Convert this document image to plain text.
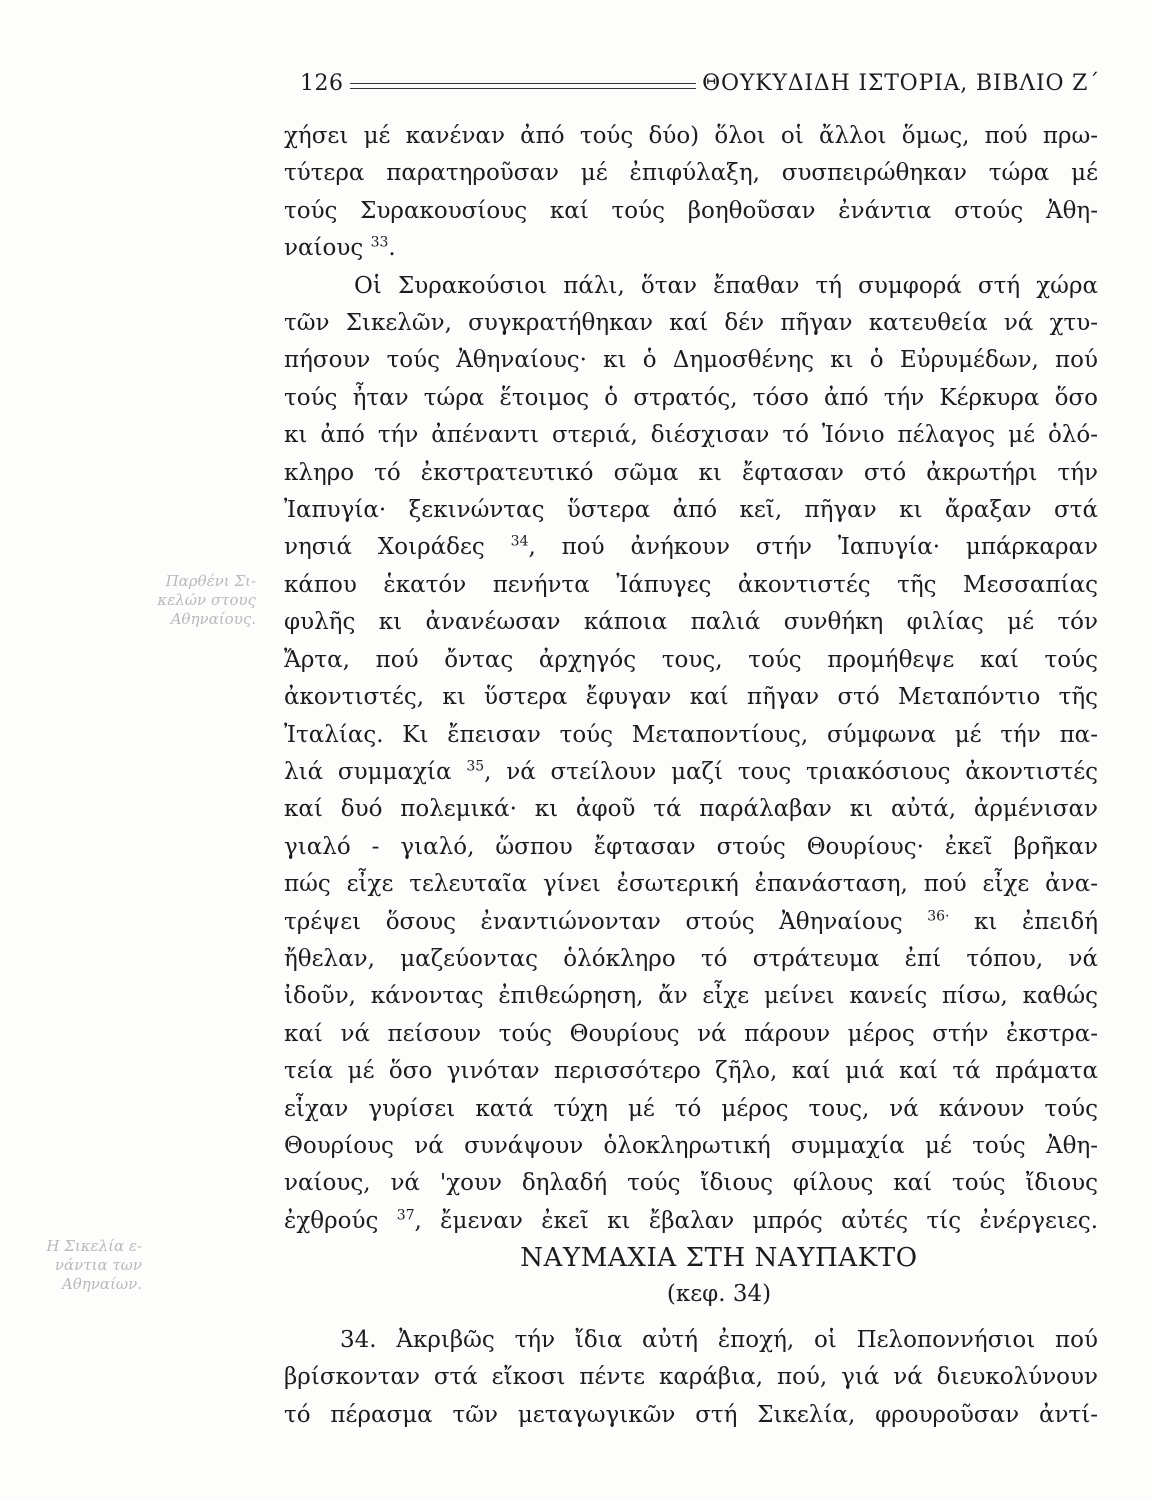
126	ΘΟΥΚΥΔΙΔΗ ΙΣΤΟΡΙΑ, ΒΙΒΛΙΟ Ζ΄
Παρθένι Σι-
κελών στους
Αθηναίους.
Η Σικελία ε-
νάντια των
Αθηναίων.

χήσει μέ κανέναν ἀπό τούς δύο) ὅλοι οἱ ἄλλοι ὅμως, πού πρω-

τύτερα παρατηροῦσαν μέ ἐπιφύλαξη, συσπειρώθηκαν τώρα μέ

τούς Συρακουσίους καί τούς βοηθοῦσαν ἐνάντια στούς Ἀθη-

ναίους $^{33}$.

Οἱ Συρακούσιοι πάλι, ὅταν ἔπαθαν τή συμφορά στή χώρα

τῶν Σικελῶν, συγκρατήθηκαν καί δέν πῆγαν κατευθεία νά χτυ-

πήσουν τούς Ἀθηναίους· κι ὁ Δημοσθένης κι ὁ Εὐρυμέδων, πού

τούς ἦταν τώρα ἕτοιμος ὁ στρατός, τόσο ἀπό τήν Κέρκυρα ὅσο

κι ἀπό τήν ἀπέναντι στεριά, διέσχισαν τό Ἰόνιο πέλαγος μέ ὁλό-

κληρο τό ἐκστρατευτικό σῶμα κι ἔφτασαν στό ἀκρωτήρι τήν

Ἰαπυγία· ξεκινώντας ὕστερα ἀπό κεῖ, πῆγαν κι ἄραξαν στά

νησιά Χοιράδες $^{34}$, πού ἀνήκουν στήν Ἰαπυγία· μπάρκαραν

κάπου ἑκατόν πενήντα Ἰάπυγες ἀκοντιστές τῆς Μεσσαπίας

φυλῆς κι ἀνανέωσαν κάποια παλιά συνθήκη φιλίας μέ τόν

Ἄρτα, πού ὄντας ἀρχηγός τους, τούς προμήθεψε καί τούς

ἀκοντιστές, κι ὕστερα ἔφυγαν καί πῆγαν στό Μεταπόντιο τῆς

Ἰταλίας. Κι ἔπεισαν τούς Μεταποντίους, σύμφωνα μέ τήν πα-

λιά συμμαχία $^{35}$, νά στείλουν μαζί τους τριακόσιους ἀκοντιστές

καί δυό πολεμικά· κι ἀφοῦ τά παράλαβαν κι αὐτά, ἀρμένισαν

γιαλό - γιαλό, ὥσπου ἔφτασαν στούς Θουρίους· ἐκεῖ βρῆκαν

πώς εἶχε τελευταῖα γίνει ἐσωτερική ἐπανάσταση, πού εἶχε ἀνα-

τρέψει ὅσους ἐναντιώνονταν στούς Ἀθηναίους $^{36\cdot}$ κι ἐπειδή

ἤθελαν, μαζεύοντας ὁλόκληρο τό στράτευμα ἐπί τόπου, νά

ἰδοῦν, κάνοντας ἐπιθεώρηση, ἄν εἶχε μείνει κανείς πίσω, καθώς

καί νά πείσουν τούς Θουρίους νά πάρουν μέρος στήν ἐκστρα-

τεία μέ ὅσο γινόταν περισσότερο ζῆλο, καί μιά καί τά πράματα

εἶχαν γυρίσει κατά τύχη μέ τό μέρος τους, νά κάνουν τούς

Θουρίους νά συνάψουν ὁλοκληρωτική συμμαχία μέ τούς Ἀθη-

ναίους, νά 'χουν δηλαδή τούς ἴδιους φίλους καί τούς ἴδιους

ἐχθρούς $^{37}$, ἔμεναν ἐκεῖ κι ἔβαλαν μπρός αὐτές τίς ἐνέργειες.

ΝΑΥΜΑΧΙΑ ΣΤΗ ΝΑΥΠΑΚΤΟ
(κεφ. 34)

34. Ἀκριβῶς τήν ἴδια αὐτή ἐποχή, οἱ Πελοποννήσιοι πού

βρίσκονταν στά εἴκοσι πέντε καράβια, πού, γιά νά διευκολύνουν

τό πέρασμα τῶν μεταγωγικῶν στή Σικελία, φρουροῦσαν ἀντί-
